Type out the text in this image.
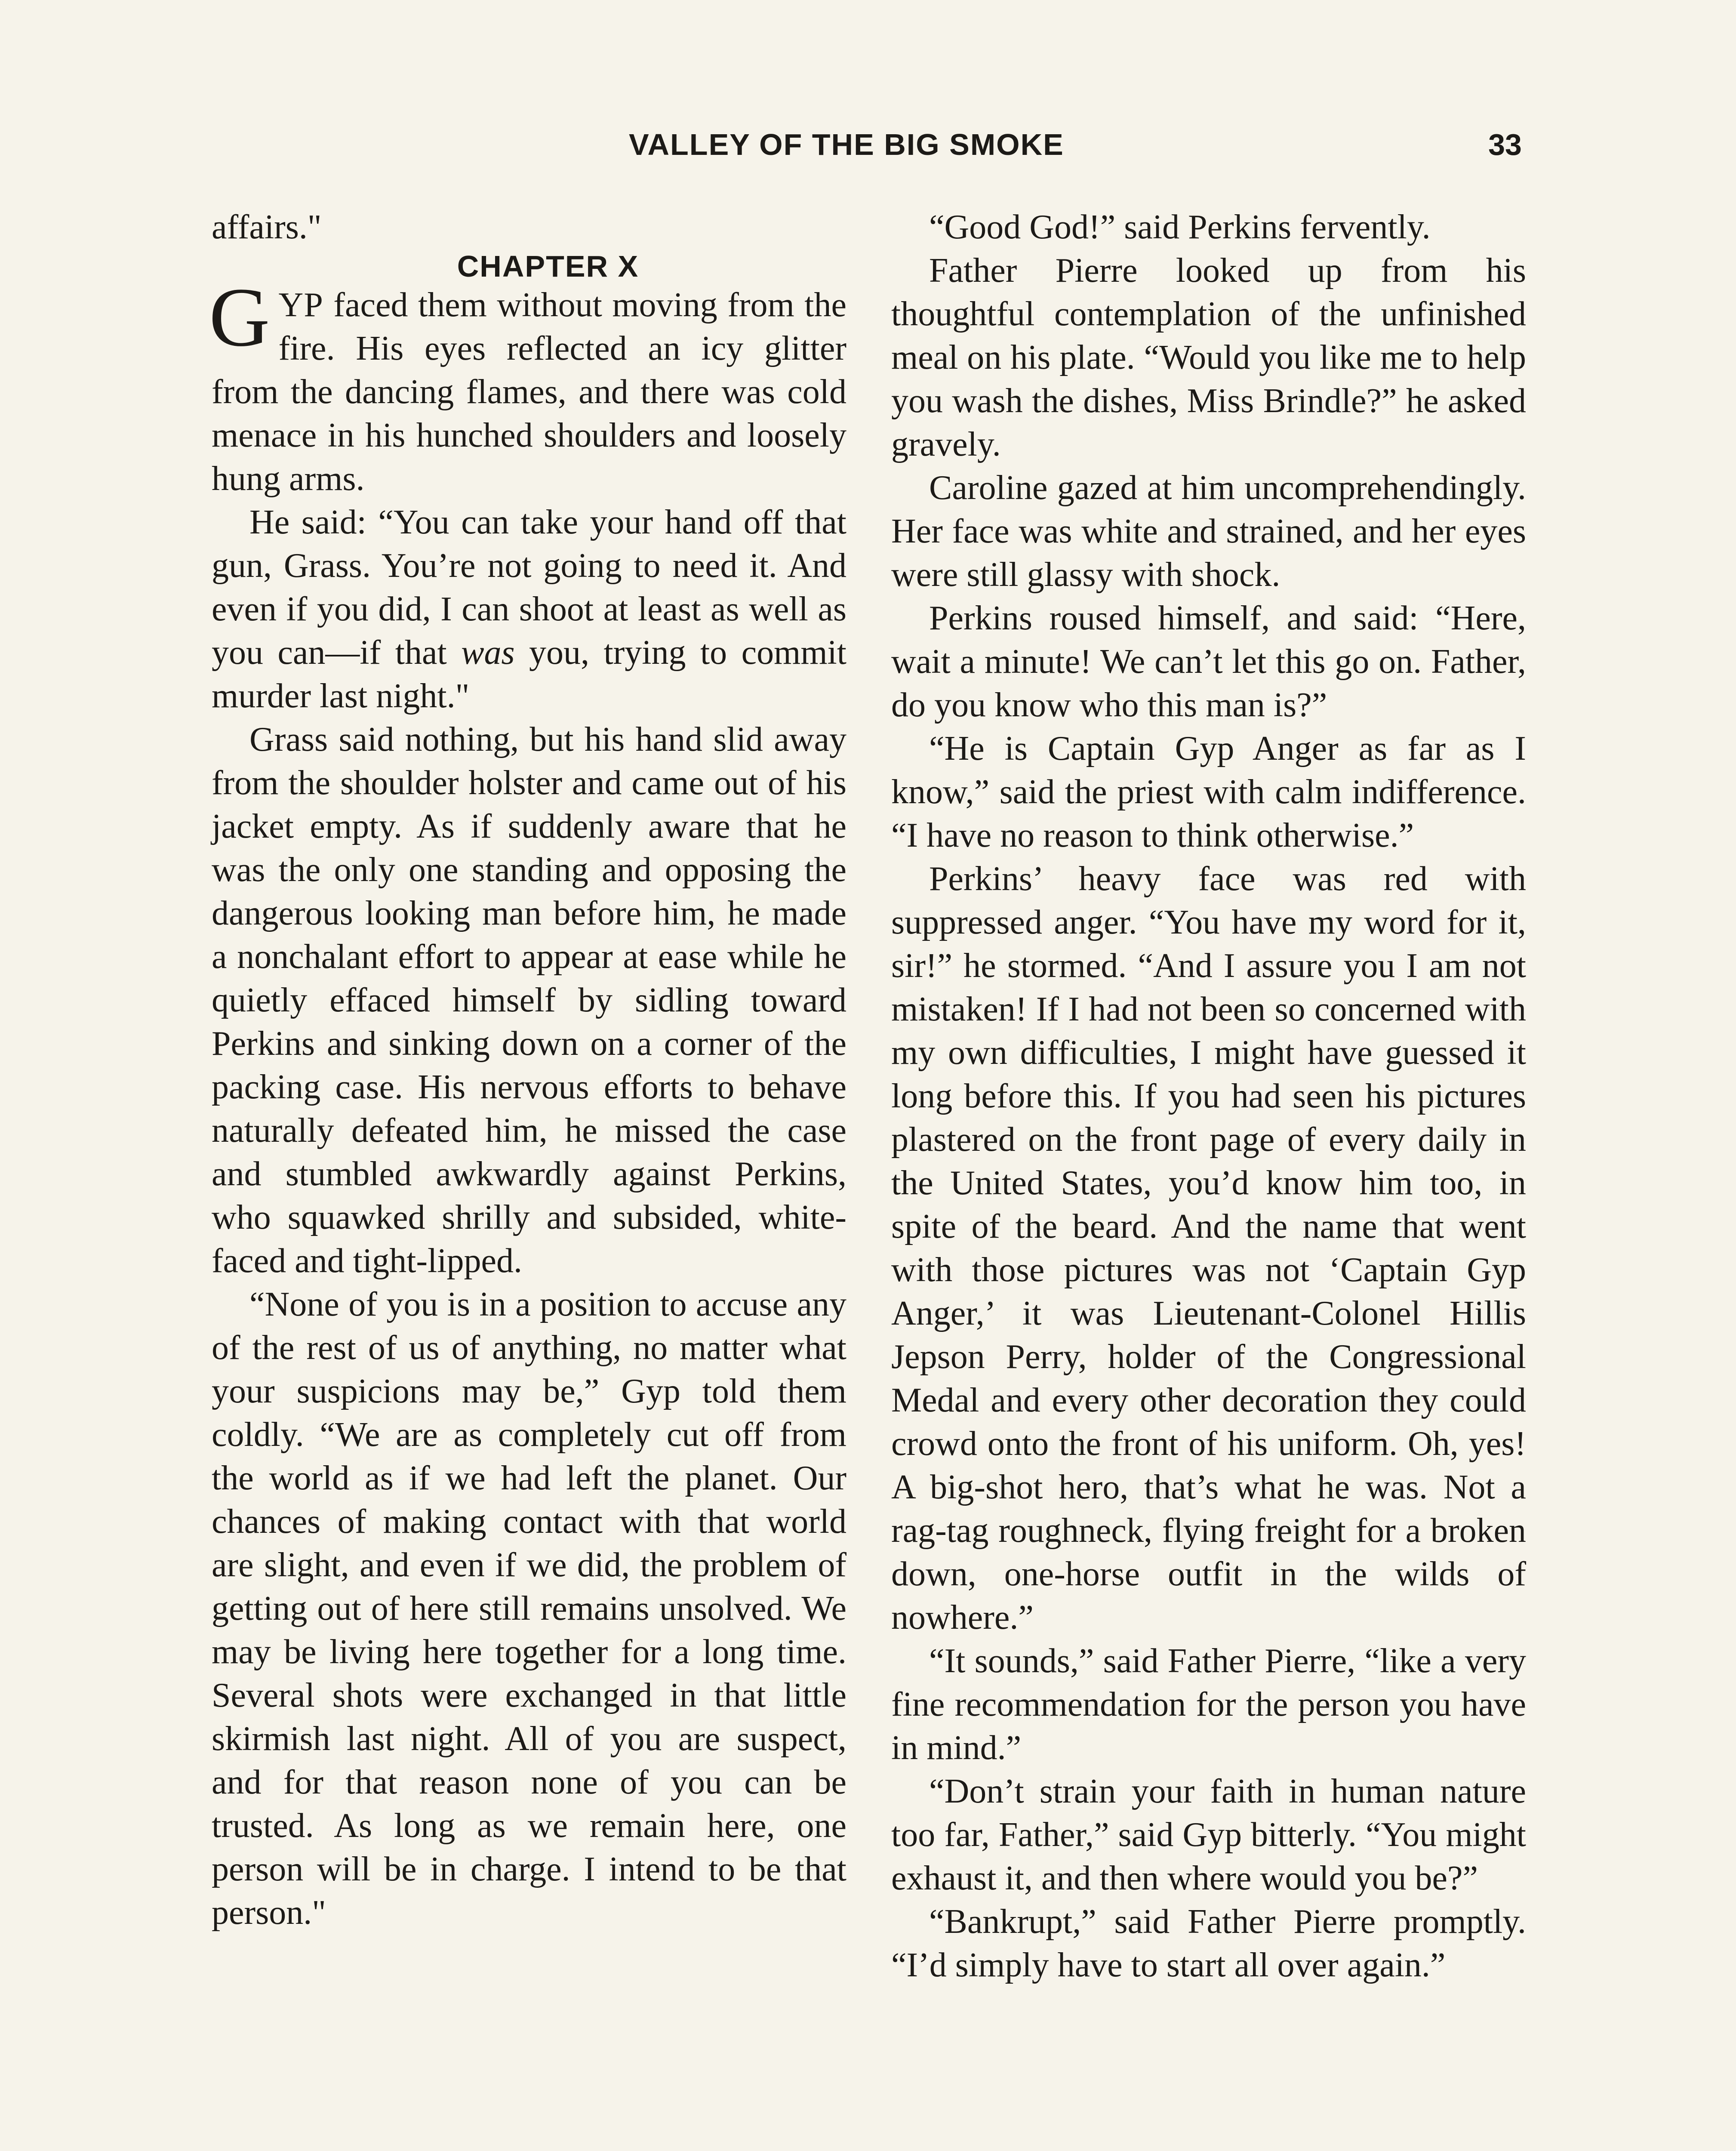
VALLEY OF THE BIG SMOKE	33

affairs."

CHAPTER X

GYP faced them without moving from the fire. His eyes reflected an icy glitter from the dancing flames, and there was cold menace in his hunched shoulders and loosely hung arms.

He said: “You can take your hand off that gun, Grass. You’re not going to need it. And even if you did, I can shoot at least as well as you can—if that was you, trying to commit murder last night."

Grass said nothing, but his hand slid away from the shoulder holster and came out of his jacket empty. As if suddenly aware that he was the only one standing and opposing the dangerous looking man before him, he made a nonchalant effort to appear at ease while he quietly effaced himself by sidling toward Perkins and sinking down on a corner of the packing case. His nervous efforts to behave naturally defeated him, he missed the case and stumbled awkwardly against Perkins, who squawked shrilly and subsided, white-faced and tight-lipped.

“None of you is in a position to accuse any of the rest of us of anything, no matter what your suspicions may be,” Gyp told them coldly. “We are as completely cut off from the world as if we had left the planet. Our chances of making contact with that world are slight, and even if we did, the problem of getting out of here still remains unsolved. We may be living here together for a long time. Several shots were exchanged in that little skirmish last night. All of you are suspect, and for that reason none of you can be trusted. As long as we remain here, one person will be in charge. I intend to be that person."

“Good God!” said Perkins fervently.

Father Pierre looked up from his thoughtful contemplation of the unfinished meal on his plate. “Would you like me to help you wash the dishes, Miss Brindle?” he asked gravely.

Caroline gazed at him uncomprehendingly. Her face was white and strained, and her eyes were still glassy with shock.

Perkins roused himself, and said: “Here, wait a minute! We can’t let this go on. Father, do you know who this man is?”

“He is Captain Gyp Anger as far as I know,” said the priest with calm indifference. “I have no reason to think otherwise.”

Perkins’ heavy face was red with suppressed anger. “You have my word for it, sir!” he stormed. “And I assure you I am not mistaken! If I had not been so concerned with my own difficulties, I might have guessed it long before this. If you had seen his pictures plastered on the front page of every daily in the United States, you’d know him too, in spite of the beard. And the name that went with those pictures was not ‘Captain Gyp Anger,’ it was Lieutenant-Colonel Hillis Jepson Perry, holder of the Congressional Medal and every other decoration they could crowd onto the front of his uniform. Oh, yes! A big-shot hero, that’s what he was. Not a rag-tag roughneck, flying freight for a broken down, one-horse outfit in the wilds of nowhere.”

“It sounds,” said Father Pierre, “like a very fine recommendation for the person you have in mind.”

“Don’t strain your faith in human nature too far, Father,” said Gyp bitterly. “You might exhaust it, and then where would you be?”

“Bankrupt,” said Father Pierre promptly. “I’d simply have to start all over again.”
